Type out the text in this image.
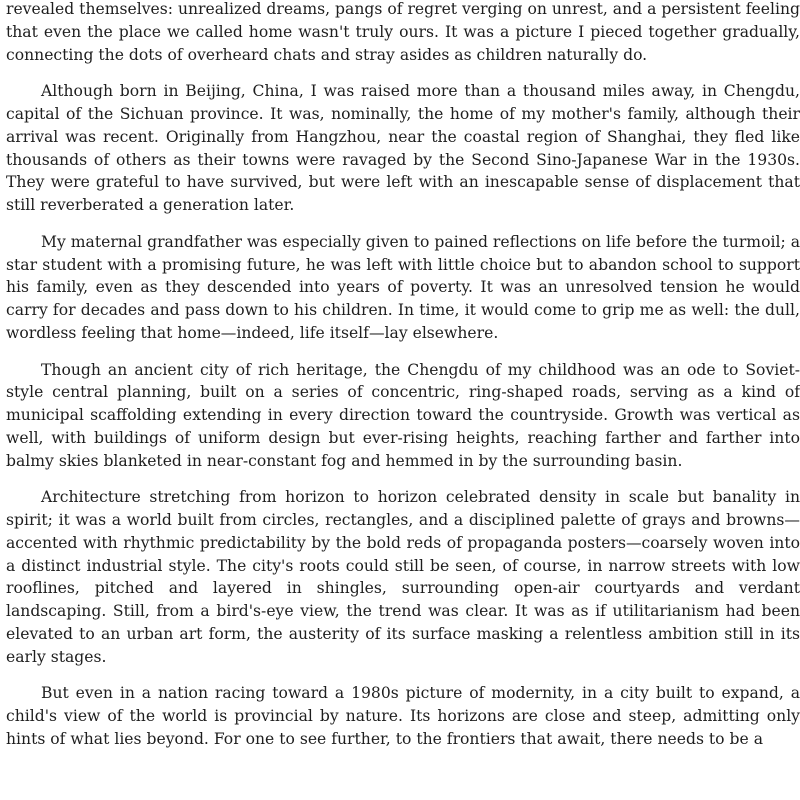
revealed themselves: unrealized dreams, pangs of regret verging on unrest, and a persistent feeling that even the place we called home wasn't truly ours. It was a picture I pieced together gradually, connecting the dots of overheard chats and stray asides as children naturally do.

Although born in Beijing, China, I was raised more than a thousand miles away, in Chengdu, capital of the Sichuan province. It was, nominally, the home of my mother's family, although their arrival was recent. Originally from Hangzhou, near the coastal region of Shanghai, they fled like thousands of others as their towns were ravaged by the Second Sino-Japanese War in the 1930s. They were grateful to have survived, but were left with an inescapable sense of displacement that still reverberated a generation later.

My maternal grandfather was especially given to pained reflections on life before the turmoil; a star student with a promising future, he was left with little choice but to abandon school to support his family, even as they descended into years of poverty. It was an unresolved tension he would carry for decades and pass down to his children. In time, it would come to grip me as well: the dull, wordless feeling that home—indeed, life itself—lay elsewhere.

Though an ancient city of rich heritage, the Chengdu of my childhood was an ode to Soviet-style central planning, built on a series of concentric, ring-shaped roads, serving as a kind of municipal scaffolding extending in every direction toward the countryside. Growth was vertical as well, with buildings of uniform design but ever-rising heights, reaching farther and farther into balmy skies blanketed in near-constant fog and hemmed in by the surrounding basin.

Architecture stretching from horizon to horizon celebrated density in scale but banality in spirit; it was a world built from circles, rectangles, and a disciplined palette of grays and browns—accented with rhythmic predictability by the bold reds of propaganda posters—coarsely woven into a distinct industrial style. The city's roots could still be seen, of course, in narrow streets with low rooflines, pitched and layered in shingles, surrounding open-air courtyards and verdant landscaping. Still, from a bird's-eye view, the trend was clear. It was as if utilitarianism had been elevated to an urban art form, the austerity of its surface masking a relentless ambition still in its early stages.

But even in a nation racing toward a 1980s picture of modernity, in a city built to expand, a child's view of the world is provincial by nature. Its horizons are close and steep, admitting only hints of what lies beyond. For one to see further, to the frontiers that await, there needs to be a
